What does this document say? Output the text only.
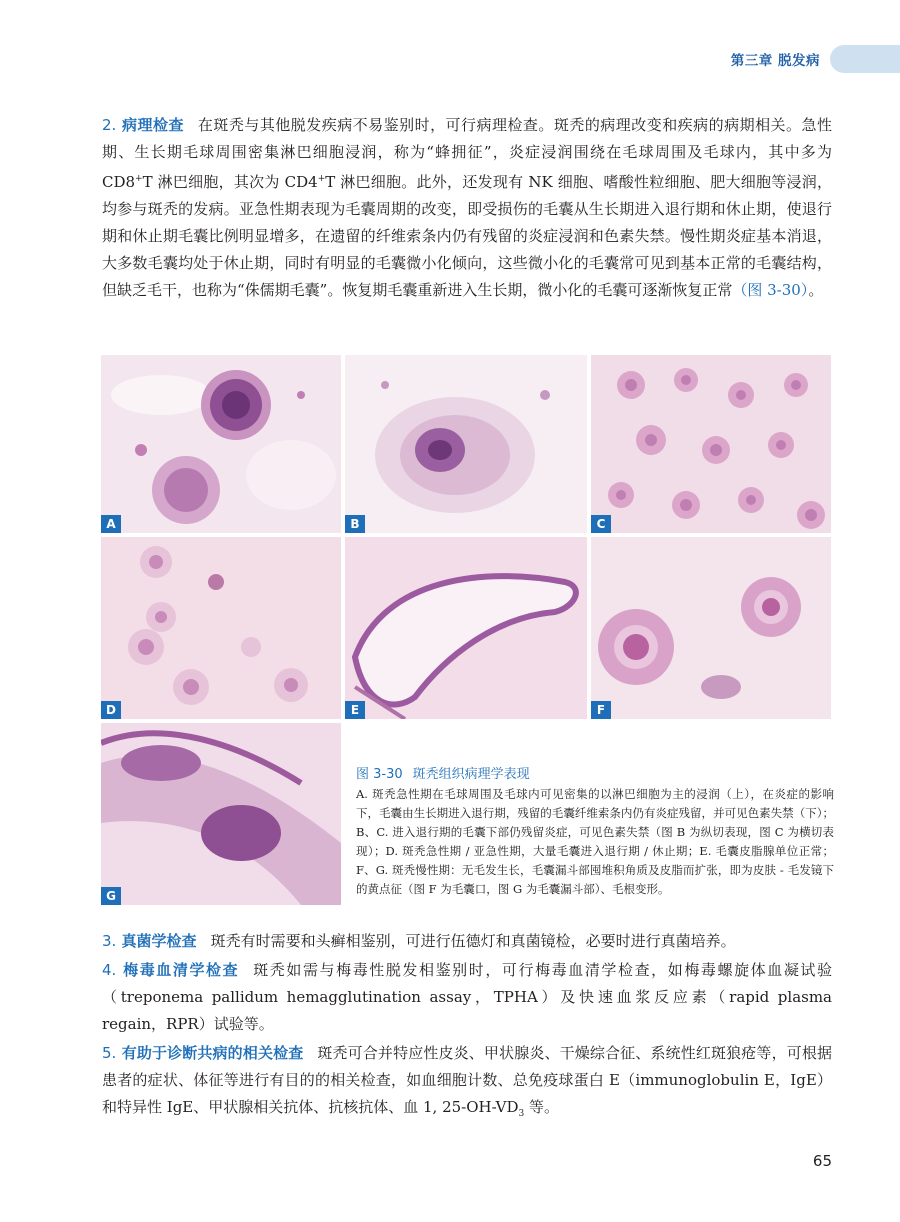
第三章 脱发病

2. 病理检查 在斑秃与其他脱发疾病不易鉴别时，可行病理检查。斑秃的病理改变和疾病的病期相关。急性期、生长期毛球周围密集淋巴细胞浸润，称为“蜂拥征”，炎症浸润围绕在毛球周围及毛球内，其中多为 CD8+T 淋巴细胞，其次为 CD4+T 淋巴细胞。此外，还发现有 NK 细胞、嗜酸性粒细胞、肥大细胞等浸润，均参与斑秃的发病。亚急性期表现为毛囊周期的改变，即受损伤的毛囊从生长期进入退行期和休止期，使退行期和休止期毛囊比例明显增多，在遗留的纤维索条内仍有残留的炎症浸润和色素失禁。慢性期炎症基本消退，大多数毛囊均处于休止期，同时有明显的毛囊微小化倾向，这些微小化的毛囊常可见到基本正常的毛囊结构，但缺乏毛干，也称为“侏儒期毛囊”。恢复期毛囊重新进入生长期，微小化的毛囊可逐渐恢复正常（图 3-30）。

A	B	C
D	E	F
G
图 3-30 斑秃组织病理学表现
A. 斑秃急性期在毛球周围及毛球内可见密集的以淋巴细胞为主的浸润（上），在炎症的影响下，毛囊由生长期进入退行期，残留的毛囊纤维索条内仍有炎症残留，并可见色素失禁（下）；B、C. 进入退行期的毛囊下部仍残留炎症，可见色素失禁（图 B 为纵切表现，图 C 为横切表现）；D. 斑秃急性期 / 亚急性期，大量毛囊进入退行期 / 休止期；E. 毛囊皮脂腺单位正常；F、G. 斑秃慢性期：无毛发生长，毛囊漏斗部囤堆积角质及皮脂而扩张，即为皮肤 - 毛发镜下的黄点征（图 F 为毛囊口，图 G 为毛囊漏斗部）、毛根变形。

3. 真菌学检查 斑秃有时需要和头癣相鉴别，可进行伍德灯和真菌镜检，必要时进行真菌培养。

4. 梅毒血清学检查 斑秃如需与梅毒性脱发相鉴别时，可行梅毒血清学检查，如梅毒螺旋体血凝试验（treponema pallidum hemagglutination assay，TPHA）及快速血浆反应素（rapid plasma regain，RPR）试验等。

5. 有助于诊断共病的相关检查 斑秃可合并特应性皮炎、甲状腺炎、干燥综合征、系统性红斑狼疮等，可根据患者的症状、体征等进行有目的的相关检查，如血细胞计数、总免疫球蛋白 E（immunoglobulin E，IgE）和特异性 IgE、甲状腺相关抗体、抗核抗体、血 1, $25-OH-VD_3$ 等。

65
